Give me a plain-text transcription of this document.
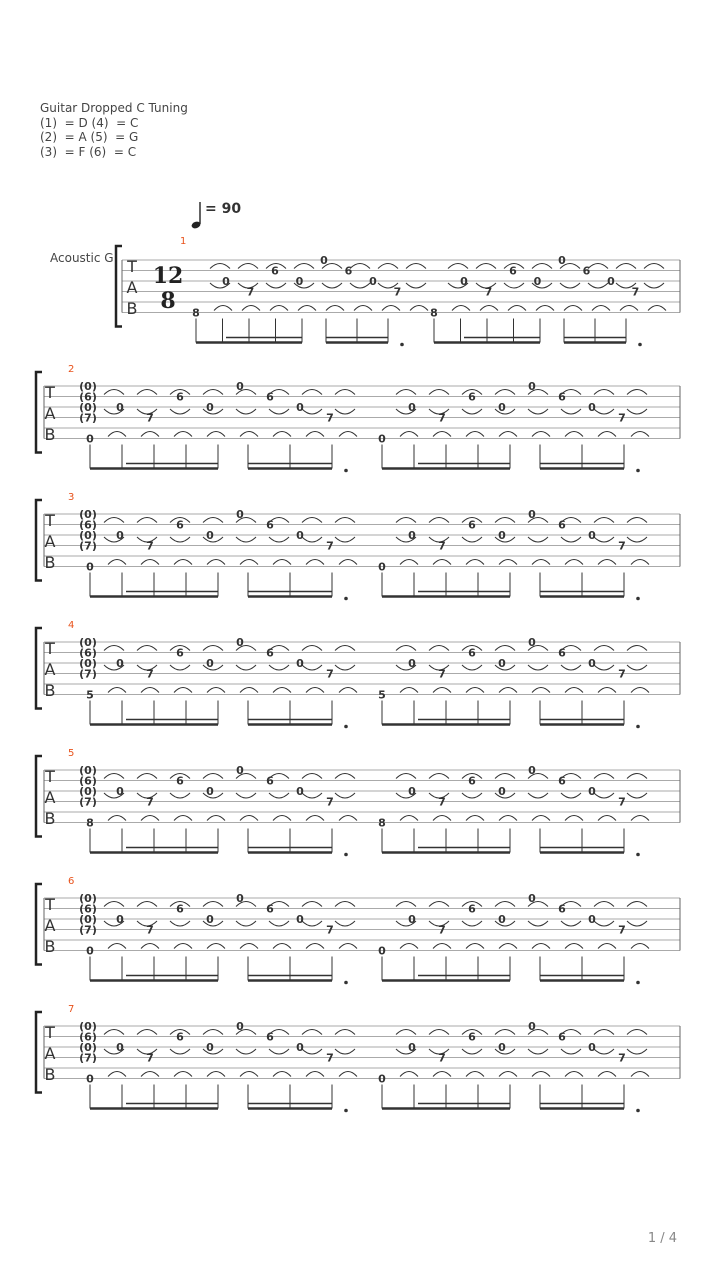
Guitar Dropped C Tuning
(1)  = D (4)  = C
(2)  = A (5)  = G
(3)  = F (6)  = C
= 90
Acoustic G T
A
B
12
8 8
0
7
6
0
0
6
0
7
8
0
7
6
0
0
6
0
7
T
A
B
(0)
(6)
(0)
(7)
0
0
7
6
0
0
6
0
7
0
0
7
6
0
0
6
0
7
T
A
B
(0)
(6)
(0)
(7)
0
0
7
6
0
0
6
0
7
0
0
7
6
0
0
6
0
7
T
A
B
(0)
(6)
(0)
(7)
5
0
7
6
0
0
6
0
7
5
0
7
6
0
0
6
0
7
T
A
B
(0)
(6)
(0)
(7)
8
0
7
6
0
0
6
0
7
8
0
7
6
0
0
6
0
7
T
A
B
(0)
(6)
(0)
(7)
0
0
7
6
0
0
6
0
7
0
0
7
6
0
0
6
0
7
T
A
B
(0)
(6)
(0)
(7)
0
0
7
6
0
0
6
0
7
0
0
7
6
0
0
6
0
7
1
2
3
4
5
6
7
1 / 4
